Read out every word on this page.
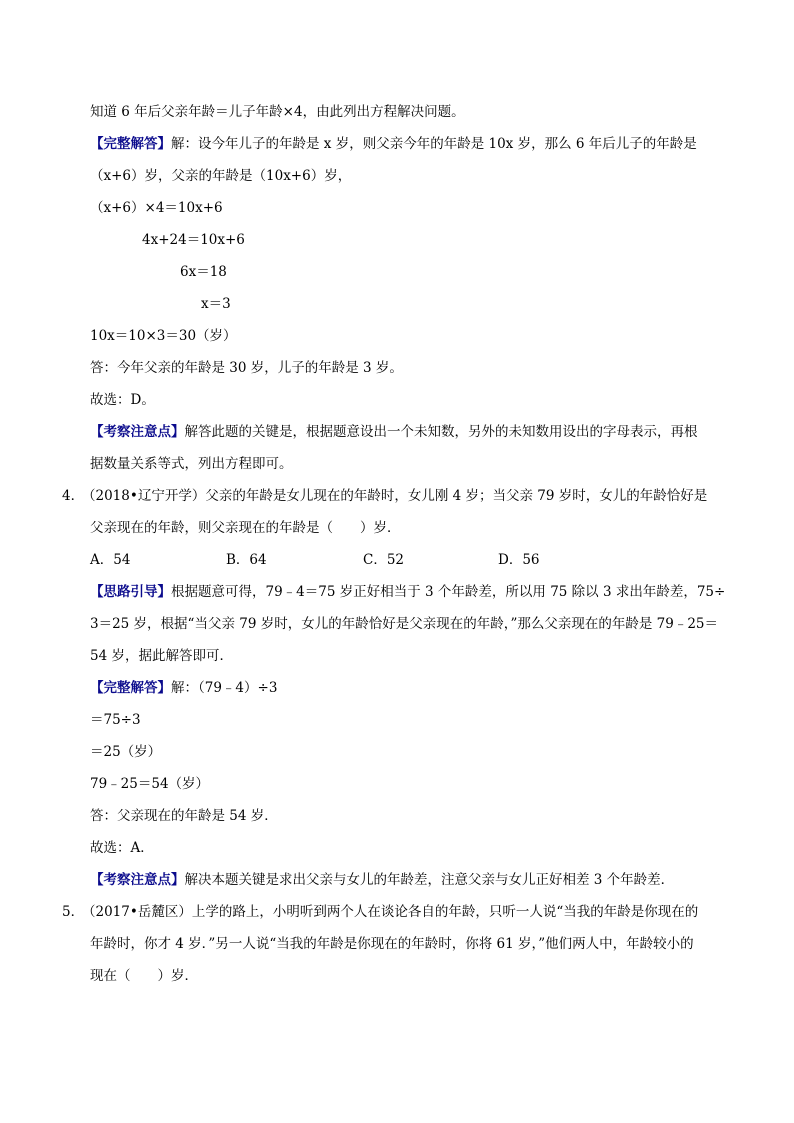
知道 6 年后父亲年龄＝儿子年龄×4，由此列出方程解决问题。
【完整解答】解：设今年儿子的年龄是 x 岁，则父亲今年的年龄是 10x 岁，那么 6 年后儿子的年龄是
（x+6）岁，父亲的年龄是（10x+6）岁，
（x+6）×4＝10x+6
4x+24＝10x+6
6x＝18
x＝3
10x＝10×3＝30（岁）
答：今年父亲的年龄是 30 岁，儿子的年龄是 3 岁。
故选：D。
【考察注意点】解答此题的关键是，根据题意设出一个未知数，另外的未知数用设出的字母表示，再根
据数量关系等式，列出方程即可。
4．
（2018•辽宁开学）父亲的年龄是女儿现在的年龄时，女儿刚 4 岁；当父亲 79 岁时，女儿的年龄恰好是
父亲现在的年龄，则父亲现在的年龄是（　　）岁．
A．54	B．64	C．52	D．56
【思路引导】根据题意可得，79﹣4＝75 岁正好相当于 3 个年龄差，所以用 75 除以 3 求出年龄差，75÷
3＝25 岁，根据“当父亲 79 岁时，女儿的年龄恰好是父亲现在的年龄，”那么父亲现在的年龄是 79﹣25＝
54 岁，据此解答即可．
【完整解答】解：（79﹣4）÷3
＝75÷3
＝25（岁）
79﹣25＝54（岁）
答：父亲现在的年龄是 54 岁．
故选：A．
【考察注意点】解决本题关键是求出父亲与女儿的年龄差，注意父亲与女儿正好相差 3 个年龄差．
5．
（2017•岳麓区）上学的路上，小明听到两个人在谈论各自的年龄，只听一人说“当我的年龄是你现在的
年龄时，你才 4 岁．”另一人说“当我的年龄是你现在的年龄时，你将 61 岁，”他们两人中，年龄较小的
现在（　　）岁．
